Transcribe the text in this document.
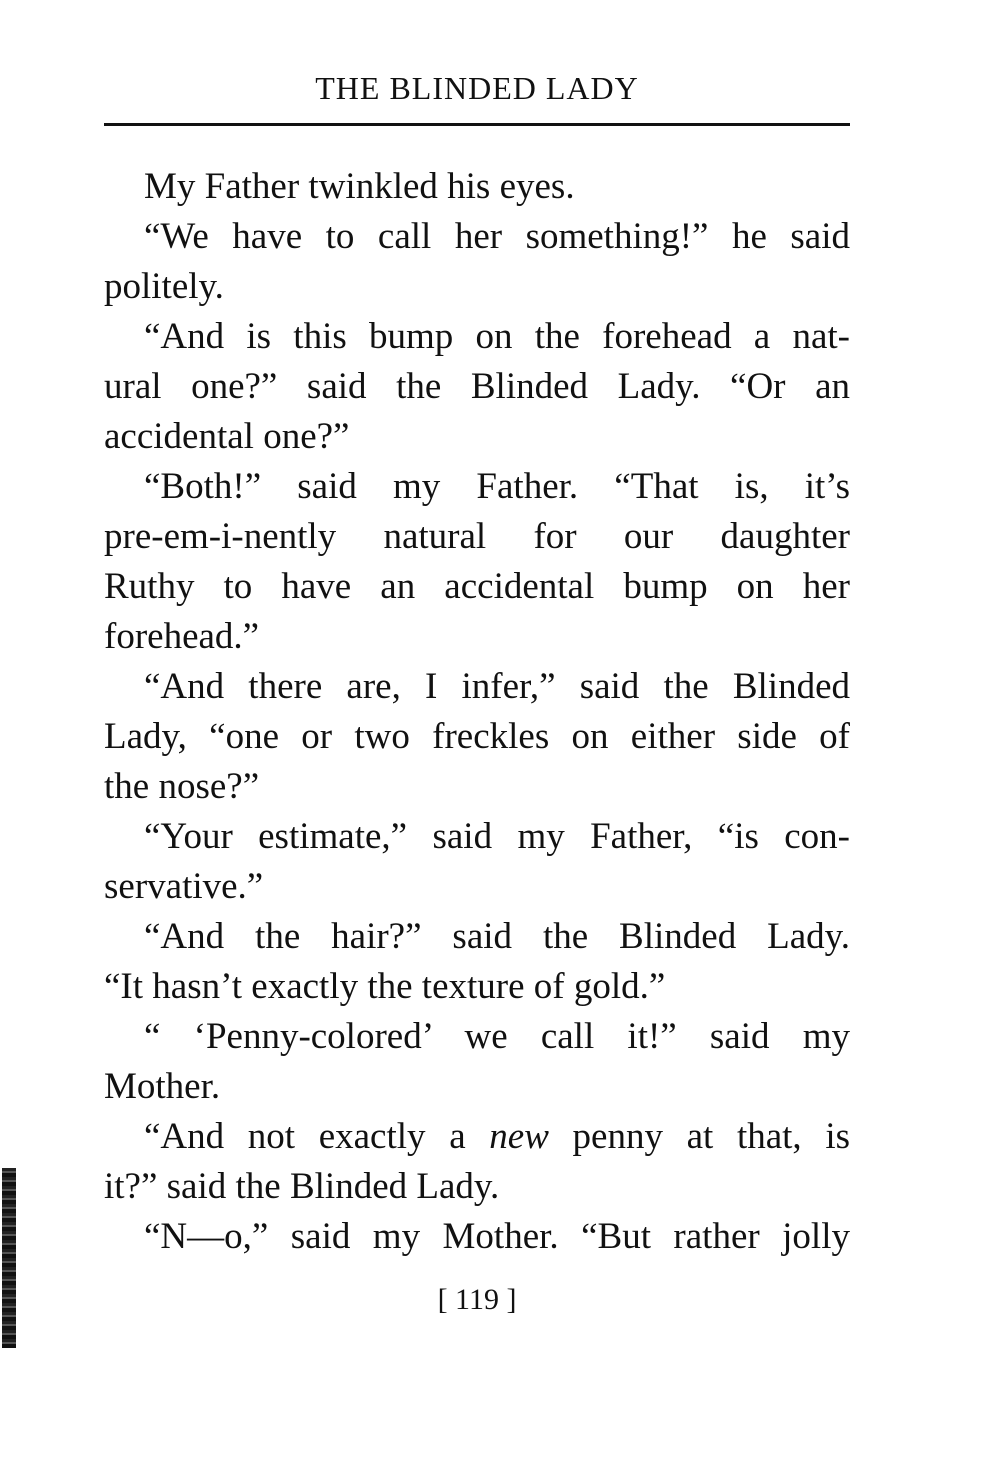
THE BLINDED LADY
My Father twinkled his eyes.
“We have to call her something!” he said
politely.
“And is this bump on the forehead a nat-
ural one?” said the Blinded Lady. “Or an
accidental one?”
“Both!” said my Father. “That is, it’s
pre-em-i-nently natural for our daughter
Ruthy to have an accidental bump on her
forehead.”
“And there are, I infer,” said the Blinded
Lady, “one or two freckles on either side of
the nose?”
“Your estimate,” said my Father, “is con-
servative.”
“And the hair?” said the Blinded Lady.
“It hasn’t exactly the texture of gold.”
“ ‘Penny-colored’ we call it!” said my
Mother.
“And not exactly a new penny at that, is
it?” said the Blinded Lady.
“N—o,” said my Mother. “But rather jolly
[ 119 ]
